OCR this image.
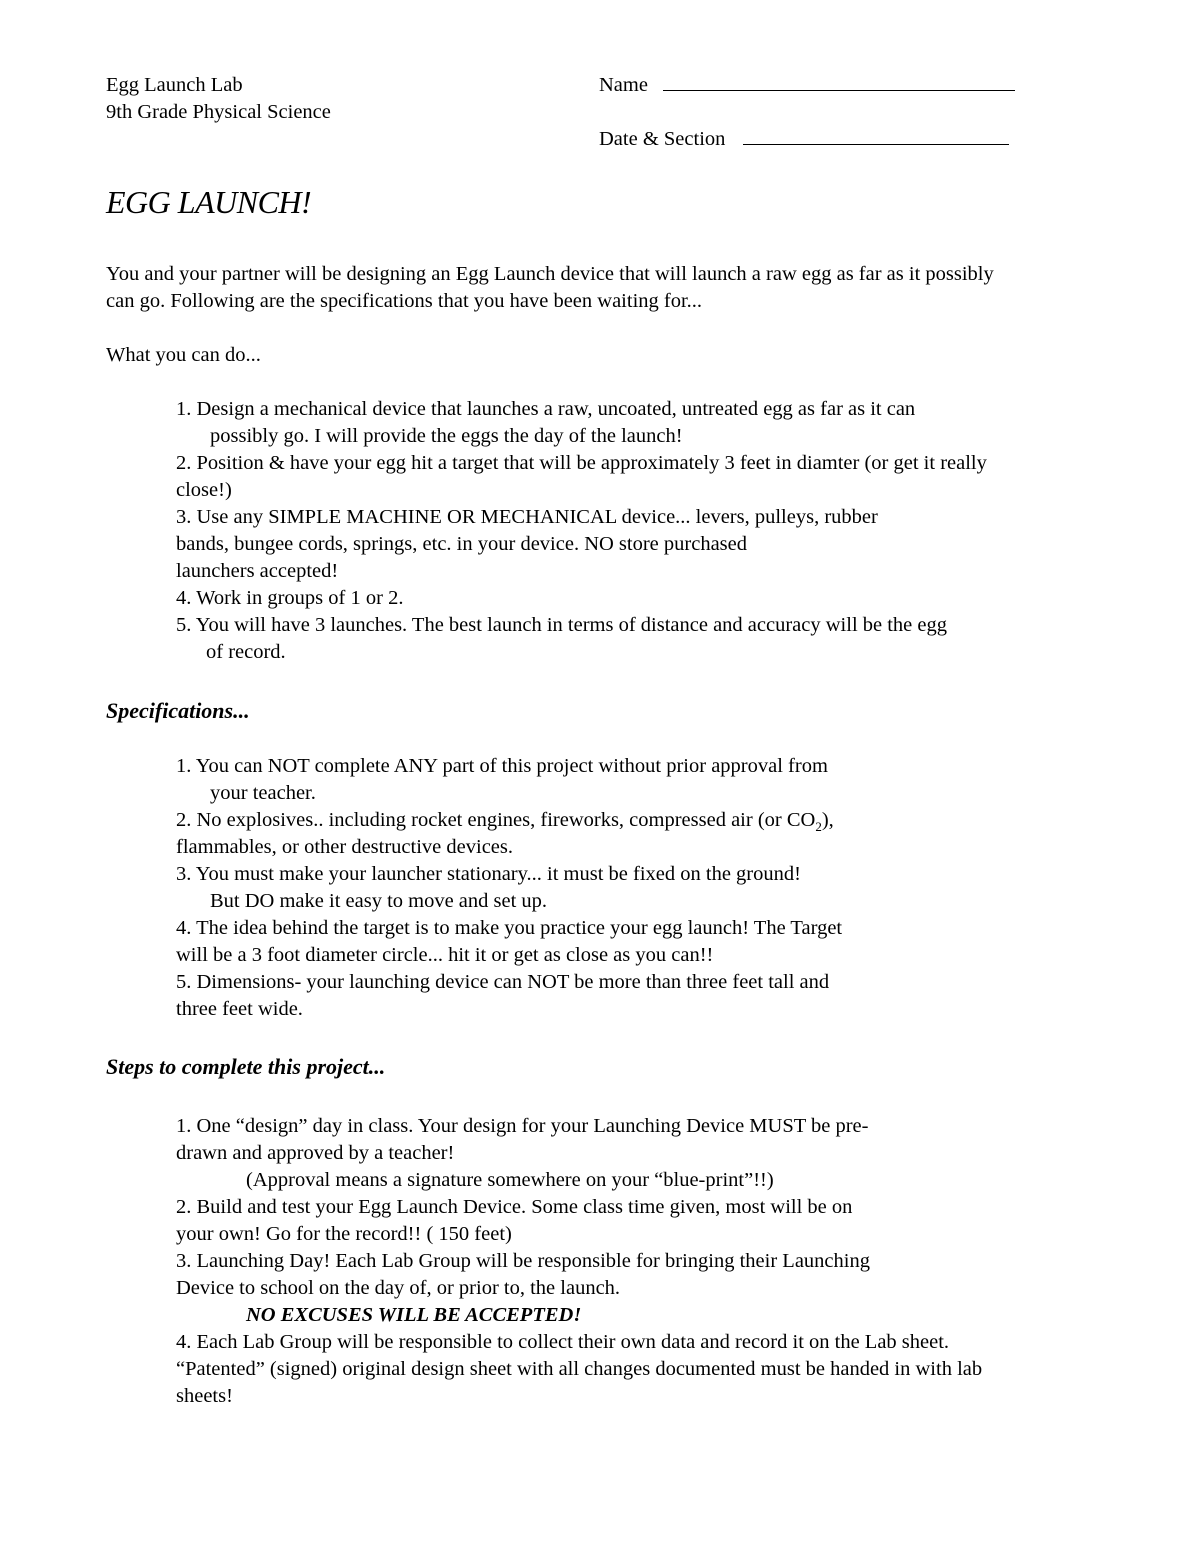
Egg Launch Lab
9th Grade Physical Science
Name
Date & Section
EGG LAUNCH!
You and your partner will be designing an Egg Launch device that will launch a raw egg as far as it possibly
can go. Following are the specifications that you have been waiting for...
What you can do...
1. Design a mechanical device that launches a raw, uncoated, untreated egg as far as it can
possibly go. I will provide the eggs the day of the launch!
2. Position & have your egg hit a target that will be approximately 3 feet in diamter (or get it really
close!)
3. Use any SIMPLE MACHINE OR MECHANICAL device... levers, pulleys, rubber
bands, bungee cords, springs, etc. in your device. NO store purchased
launchers accepted!
4. Work in groups of 1 or 2.
5. You will have 3 launches. The best launch in terms of distance and accuracy will be the egg
of record.
Specifications...
1. You can NOT complete ANY part of this project without prior approval from
your teacher.
2. No explosives.. including rocket engines, fireworks, compressed air (or $CO_2$),
flammables, or other destructive devices.
3. You must make your launcher stationary... it must be fixed on the ground!
But DO make it easy to move and set up.
4. The idea behind the target is to make you practice your egg launch! The Target
will be a 3 foot diameter circle... hit it or get as close as you can!!
5. Dimensions- your launching device can NOT be more than three feet tall and
three feet wide.
Steps to complete this project...
1. One “design” day in class. Your design for your Launching Device MUST be pre-
drawn and approved by a teacher!
(Approval means a signature somewhere on your “blue-print”!!)
2. Build and test your Egg Launch Device. Some class time given, most will be on
your own! Go for the record!! ( 150 feet)
3. Launching Day! Each Lab Group will be responsible for bringing their Launching
Device to school on the day of, or prior to, the launch.
NO EXCUSES WILL BE ACCEPTED!
4. Each Lab Group will be responsible to collect their own data and record it on the Lab sheet.
“Patented” (signed) original design sheet with all changes documented must be handed in with lab
sheets!
